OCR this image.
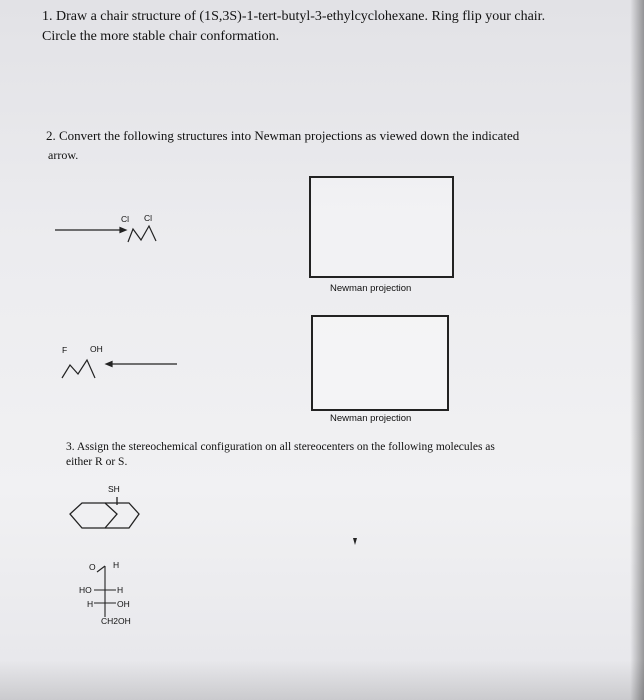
1. Draw a chair structure of (1S,3S)-1-tert-butyl-3-ethylcyclohexane. Ring flip your chair.
Circle the more stable chair conformation.
2. Convert the following structures into Newman projections as viewed down the indicated
arrow.
Cl Cl
F	OH
SH
O H
HO	H
H	OH
CH2OH
Newman projection
Newman projection
3. Assign the stereochemical configuration on all stereocenters on the following molecules as
either R or S.
